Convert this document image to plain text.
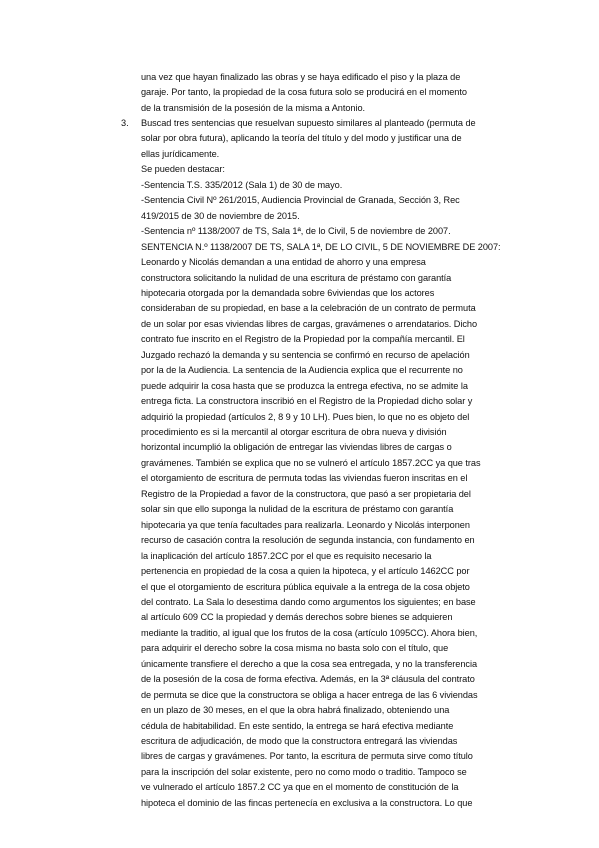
una vez que hayan finalizado las obras y se haya edificado el piso y la plaza de
garaje. Por tanto, la propiedad de la cosa futura solo se producirá en el momento
de la transmisión de la posesión de la misma a Antonio.
3. Buscad tres sentencias que resuelvan supuesto similares al planteado (permuta de
solar por obra futura), aplicando la teoría del título y del modo y justificar una de
ellas jurídicamente.
Se pueden destacar:
-Sentencia T.S. 335/2012 (Sala 1) de 30 de mayo.
-Sentencia Civil Nº 261/2015, Audiencia Provincial de Granada, Sección 3, Rec
419/2015 de 30 de noviembre de 2015.
-Sentencia nº 1138/2007 de TS, Sala 1ª, de lo Civil, 5 de noviembre de 2007.
SENTENCIA N.º 1138/2007 DE TS, SALA 1ª, DE LO CIVIL, 5 DE NOVIEMBRE DE 2007:
Leonardo y Nicolás demandan a una entidad de ahorro y una empresa
constructora solicitando la nulidad de una escritura de préstamo con garantía
hipotecaria otorgada por la demandada sobre 6viviendas que los actores
consideraban de su propiedad, en base a la celebración de un contrato de permuta
de un solar por esas viviendas libres de cargas, gravámenes o arrendatarios. Dicho
contrato fue inscrito en el Registro de la Propiedad por la compañía mercantil. El
Juzgado rechazó la demanda y su sentencia se confirmó en recurso de apelación
por la de la Audiencia. La sentencia de la Audiencia explica que el recurrente no
puede adquirir la cosa hasta que se produzca la entrega efectiva, no se admite la
entrega ficta. La constructora inscribió en el Registro de la Propiedad dicho solar y
adquirió la propiedad (artículos 2, 8 9 y 10 LH). Pues bien, lo que no es objeto del
procedimiento es si la mercantil al otorgar escritura de obra nueva y división
horizontal incumplió la obligación de entregar las viviendas libres de cargas o
gravámenes. También se explica que no se vulneró el artículo 1857.2CC ya que tras
el otorgamiento de escritura de permuta todas las viviendas fueron inscritas en el
Registro de la Propiedad a favor de la constructora, que pasó a ser propietaria del
solar sin que ello suponga la nulidad de la escritura de préstamo con garantía
hipotecaria ya que tenía facultades para realizarla. Leonardo y Nicolás interponen
recurso de casación contra la resolución de segunda instancia, con fundamento en
la inaplicación del artículo 1857.2CC por el que es requisito necesario la
pertenencia en propiedad de la cosa a quien la hipoteca, y el artículo 1462CC por
el que el otorgamiento de escritura pública equivale a la entrega de la cosa objeto
del contrato. La Sala lo desestima dando como argumentos los siguientes; en base
al artículo 609 CC la propiedad y demás derechos sobre bienes se adquieren
mediante la traditio, al igual que los frutos de la cosa (artículo 1095CC). Ahora bien,
para adquirir el derecho sobre la cosa misma no basta solo con el título, que
únicamente transfiere el derecho a que la cosa sea entregada, y no la transferencia
de la posesión de la cosa de forma efectiva. Además, en la 3ª cláusula del contrato
de permuta se dice que la constructora se obliga a hacer entrega de las 6 viviendas
en un plazo de 30 meses, en el que la obra habrá finalizado, obteniendo una
cédula de habitabilidad. En este sentido, la entrega se hará efectiva mediante
escritura de adjudicación, de modo que la constructora entregará las viviendas
libres de cargas y gravámenes. Por tanto, la escritura de permuta sirve como título
para la inscripción del solar existente, pero no como modo o traditio. Tampoco se
ve vulnerado el artículo 1857.2 CC ya que en el momento de constitución de la
hipoteca el dominio de las fincas pertenecía en exclusiva a la constructora. Lo que
